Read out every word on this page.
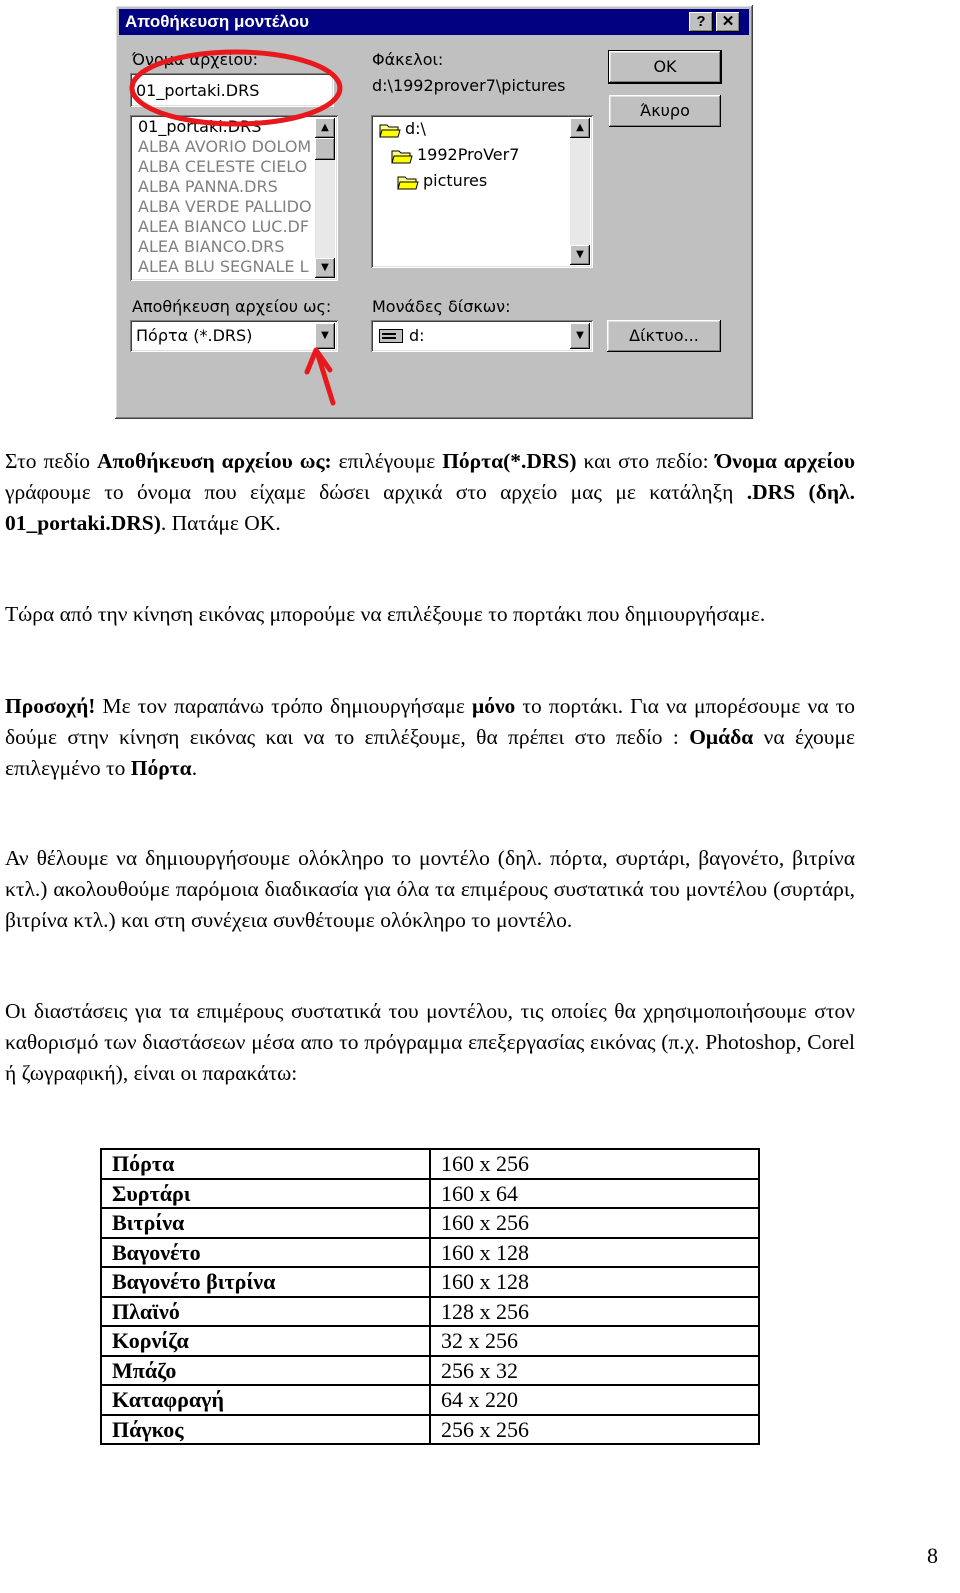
Αποθήκευση μοντέλου	?	✕
Όνομα αρχείου:
01_portaki.DRS
01_portaki.DRS
ALBA AVORIO DOLOM
ALBA CELESTE CIELO
ALBA PANNA.DRS
ALBA VERDE PALLIDO
ALEA BIANCO LUC.DF
ALEA BIANCO.DRS
ALEA BLU SEGNALE L
▲
▼
Φάκελοι:
d:\1992prover7\pictures
d:\
1992ProVer7
pictures
▲
▼
OK
Άκυρο
Αποθήκευση αρχείου ως:
Πόρτα (*.DRS)	▼
Μονάδες δίσκων:
d:	▼	Δίκτυο...
Στο πεδίο Αποθήκευση αρχείου ως: επιλέγουμε Πόρτα(*.DRS) και στο πεδίο: Όνομα αρχείου γράφουμε το όνομα που είχαμε δώσει αρχικά στο αρχείο μας με κατάληξη .DRS (δηλ. 01_portaki.DRS). Πατάμε ΟΚ.
Τώρα από την κίνηση εικόνας μπορούμε να επιλέξουμε το πορτάκι που δημιουργήσαμε.
Προσοχή! Με τον παραπάνω τρόπο δημιουργήσαμε μόνο το πορτάκι. Για να μπορέσουμε να το δούμε στην κίνηση εικόνας και να το επιλέξουμε, θα πρέπει στο πεδίο : Ομάδα να έχουμε επιλεγμένο το Πόρτα.
Αν θέλουμε να δημιουργήσουμε ολόκληρο το μοντέλο (δηλ. πόρτα, συρτάρι, βαγονέτο, βιτρίνα κτλ.) ακολουθούμε παρόμοια διαδικασία για όλα τα επιμέρους συστατικά του μοντέλου (συρτάρι, βιτρίνα κτλ.) και στη συνέχεια συνθέτουμε ολόκληρο το μοντέλο.
Οι διαστάσεις για τα επιμέρους συστατικά του μοντέλου, τις οποίες θα χρησιμοποιήσουμε στον καθορισμό των διαστάσεων μέσα απο το πρόγραμμα επεξεργασίας εικόνας (π.χ. Photoshop, Corel ή ζωγραφική), είναι οι παρακάτω:
Πόρτα	160 x 256
Συρτάρι	160 x 64
Βιτρίνα	160 x 256
Βαγονέτο	160 x 128
Βαγονέτο βιτρίνα	160 x 128
Πλαϊνό	128 x 256
Κορνίζα	32 x 256
Μπάζο	256 x 32
Καταφραγή	64 x 220
Πάγκος	256 x 256
8
